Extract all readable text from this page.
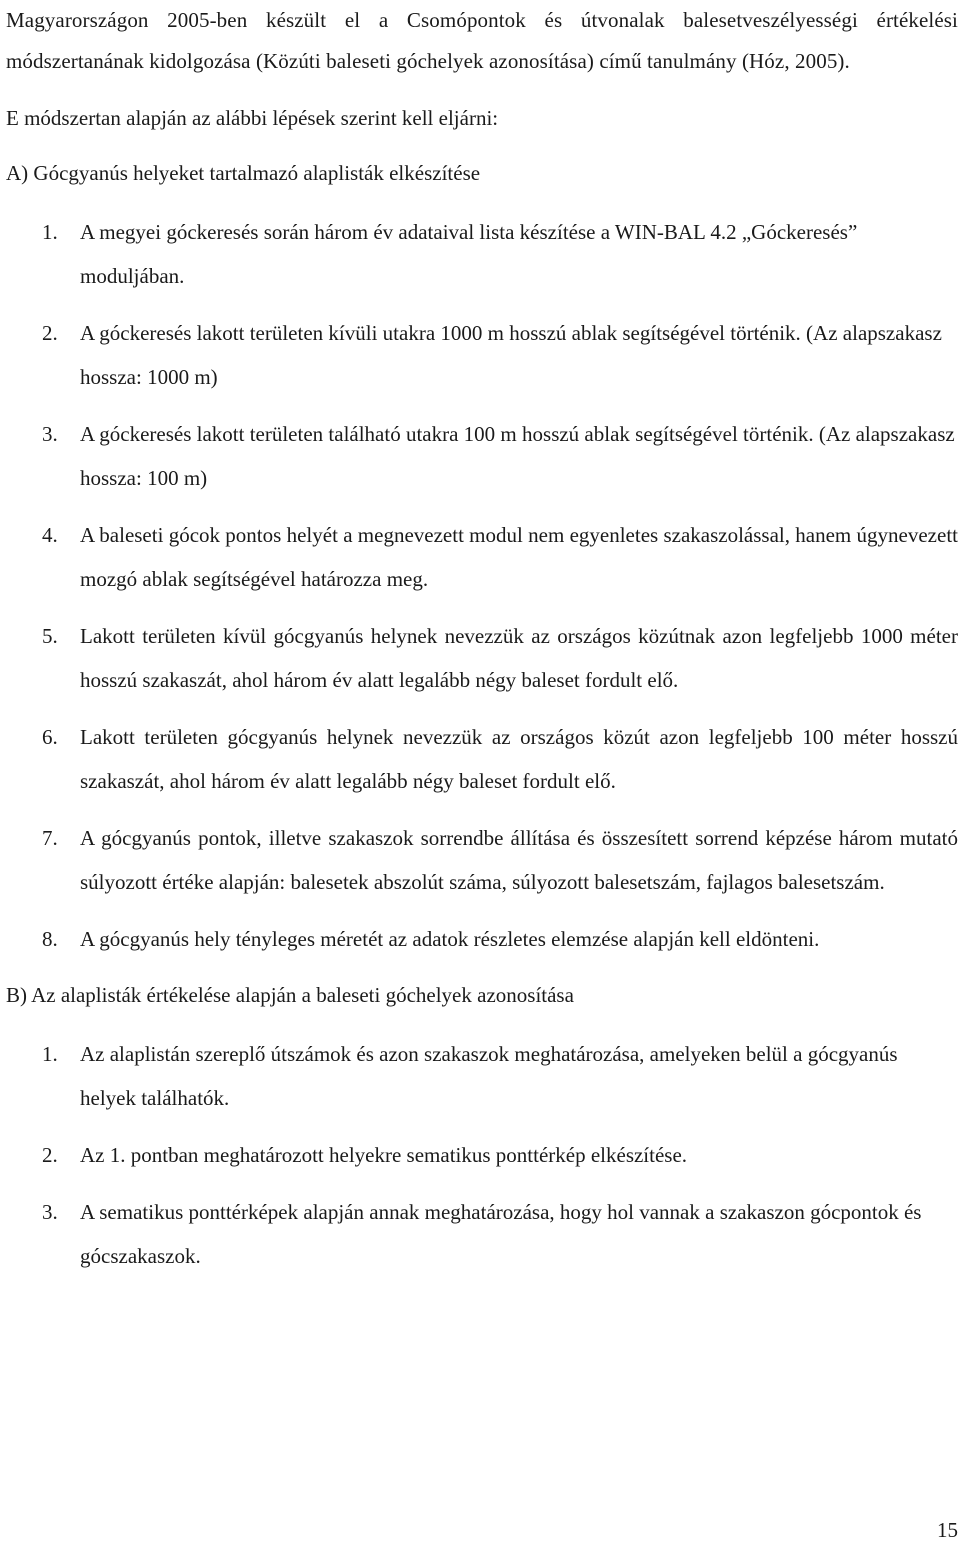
Magyarországon 2005-ben készült el a Csomópontok és útvonalak balesetveszélyességi értékelési módszertanának kidolgozása (Közúti baleseti góchelyek azonosítása) című tanulmány (Hóz, 2005).

E módszertan alapján az alábbi lépések szerint kell eljárni:

A) Gócgyanús helyeket tartalmazó alaplisták elkészítése

1. A megyei góckeresés során három év adataival lista készítése a WIN-BAL 4.2 „Góckeresés” moduljában.
2. A góckeresés lakott területen kívüli utakra 1000 m hosszú ablak segítségével történik. (Az alapszakasz hossza: 1000 m)
3. A góckeresés lakott területen található utakra 100 m hosszú ablak segítségével történik. (Az alapszakasz hossza: 100 m)
4. A baleseti gócok pontos helyét a megnevezett modul nem egyenletes szakaszolással, hanem úgynevezett mozgó ablak segítségével határozza meg.
5. Lakott területen kívül gócgyanús helynek nevezzük az országos közútnak azon legfeljebb 1000 méter hosszú szakaszát, ahol három év alatt legalább négy baleset fordult elő.
6. Lakott területen gócgyanús helynek nevezzük az országos közút azon legfeljebb 100 méter hosszú szakaszát, ahol három év alatt legalább négy baleset fordult elő.
7. A gócgyanús pontok, illetve szakaszok sorrendbe állítása és összesített sorrend képzése három mutató súlyozott értéke alapján: balesetek abszolút száma, súlyozott balesetszám, fajlagos balesetszám.
8. A gócgyanús hely tényleges méretét az adatok részletes elemzése alapján kell eldönteni.

B) Az alaplisták értékelése alapján a baleseti góchelyek azonosítása

1. Az alaplistán szereplő útszámok és azon szakaszok meghatározása, amelyeken belül a gócgyanús helyek találhatók.
2. Az 1. pontban meghatározott helyekre sematikus ponttérkép elkészítése.
3. A sematikus ponttérképek alapján annak meghatározása, hogy hol vannak a szakaszon gócpontok és gócszakaszok.
15
